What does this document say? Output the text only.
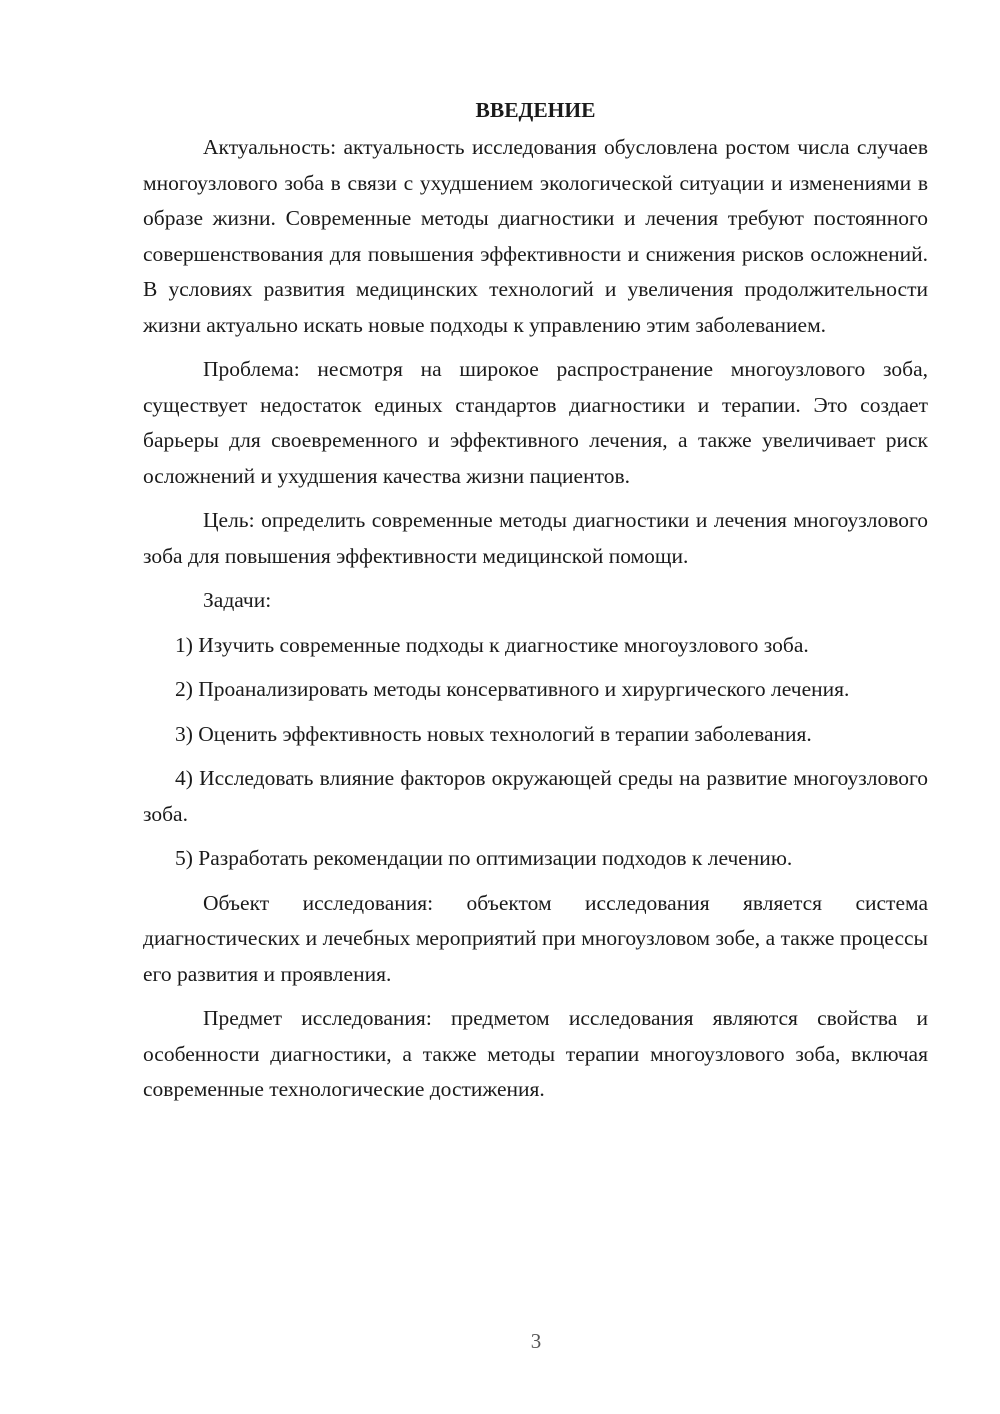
ВВЕДЕНИЕ

Актуальность: актуальность исследования обусловлена ростом числа случаев многоузлового зоба в связи с ухудшением экологической ситуации и изменениями в образе жизни. Современные методы диагностики и лечения требуют постоянного совершенствования для повышения эффективности и снижения рисков осложнений. В условиях развития медицинских технологий и увеличения продолжительности жизни актуально искать новые подходы к управлению этим заболеванием.

Проблема: несмотря на широкое распространение многоузлового зоба, существует недостаток единых стандартов диагностики и терапии. Это создает барьеры для своевременного и эффективного лечения, а также увеличивает риск осложнений и ухудшения качества жизни пациентов.

Цель: определить современные методы диагностики и лечения многоузлового зоба для повышения эффективности медицинской помощи.

Задачи:

1) Изучить современные подходы к диагностике многоузлового зоба.

2) Проанализировать методы консервативного и хирургического лечения.

3) Оценить эффективность новых технологий в терапии заболевания.

4) Исследовать влияние факторов окружающей среды на развитие многоузлового зоба.

5) Разработать рекомендации по оптимизации подходов к лечению.

Объект исследования: объектом исследования является система диагностических и лечебных мероприятий при многоузловом зобе, а также процессы его развития и проявления.

Предмет исследования: предметом исследования являются свойства и особенности диагностики, а также методы терапии многоузлового зоба, включая современные технологические достижения.

3
